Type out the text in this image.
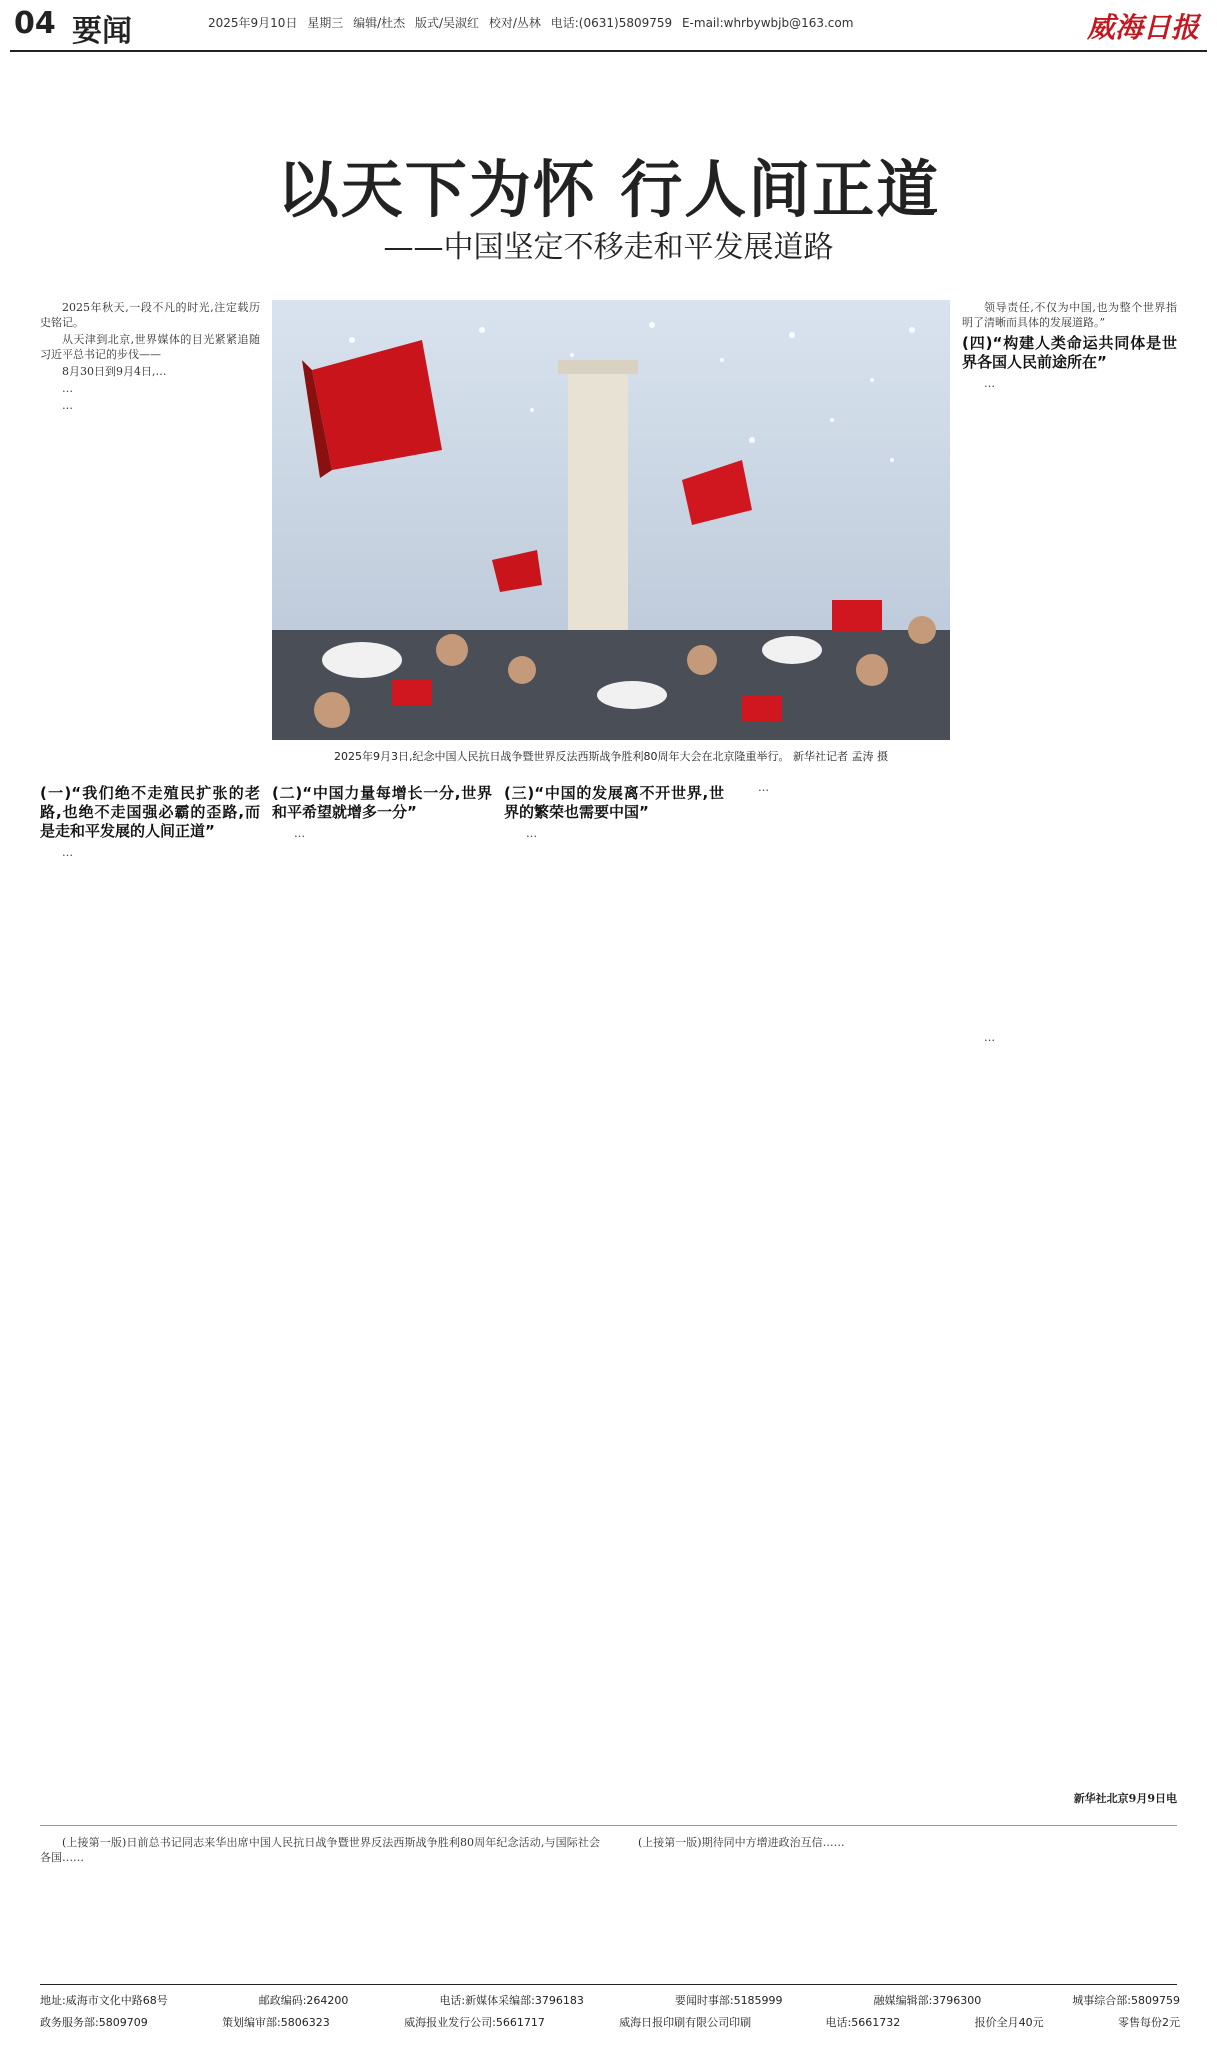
04 要闻	2025年9月10日 星期三 编辑/杜杰 版式/吴淑红 校对/丛林 电话:(0631)5809759 E-mail:whrbywbjb@163.com	威海日报
以天下为怀 行人间正道
——中国坚定不移走和平发展道路

2025年秋天,一段不凡的时光,注定载历史铭记。

从天津到北京,世界媒体的目光紧紧追随习近平总书记的步伐——

8月30日到9月4日,…

…

…

2025年9月3日,纪念中国人民抗日战争暨世界反法西斯战争胜利80周年大会在北京隆重举行。 新华社记者 孟涛 摄

领导责任,不仅为中国,也为整个世界指明了清晰而具体的发展道路。”

(四)“构建人类命运共同体是世界各国人民前途所在”

…

(一)“我们绝不走殖民扩张的老路,也绝不走国强必霸的歪路,而是走和平发展的人间正道”

…

(二)“中国力量每增长一分,世界和平希望就增多一分”

…

(三)“中国的发展离不开世界,世界的繁荣也需要中国”

…

…

…

新华社北京9月9日电

(上接第一版)日前总书记同志来华出席中国人民抗日战争暨世界反法西斯战争胜利80周年纪念活动,与国际社会各国……

(上接第一版)期待同中方增进政治互信……

地址:威海市文化中路68号	邮政编码:264200	电话:新媒体采编部:3796183	要闻时事部:5185999	融媒编辑部:3796300	城事综合部:5809759
政务服务部:5809709	策划编审部:5806323	威海报业发行公司:5661717	威海日报印刷有限公司印刷	电话:5661732	报价全月40元	零售每份2元
